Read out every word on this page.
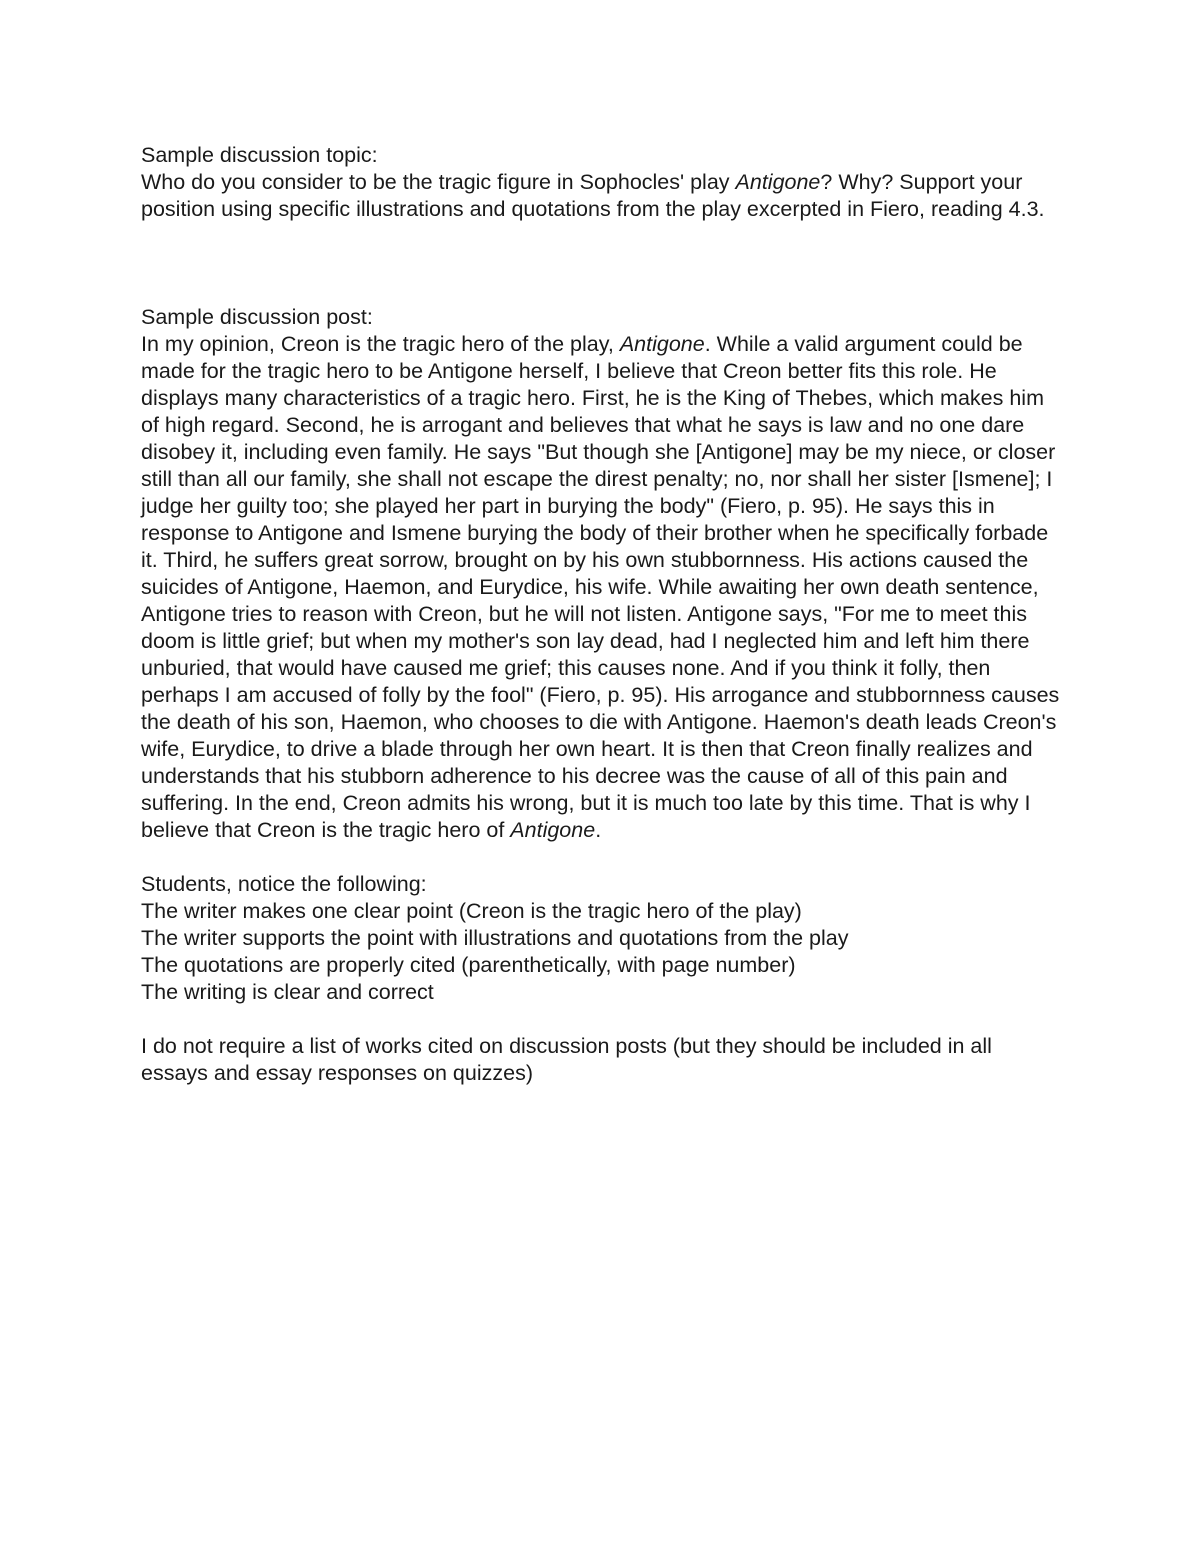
Sample discussion topic:

Who do you consider to be the tragic figure in Sophocles' play Antigone? Why? Support your position using specific illustrations and quotations from the play excerpted in Fiero, reading 4.3.

Sample discussion post:

In my opinion, Creon is the tragic hero of the play, Antigone. While a valid argument could be made for the tragic hero to be Antigone herself, I believe that Creon better fits this role. He displays many characteristics of a tragic hero. First, he is the King of Thebes, which makes him of high regard. Second, he is arrogant and believes that what he says is law and no one dare disobey it, including even family. He says "But though she [Antigone] may be my niece, or closer still than all our family, she shall not escape the direst penalty; no, nor shall her sister [Ismene]; I judge her guilty too; she played her part in burying the body" (Fiero, p. 95). He says this in response to Antigone and Ismene burying the body of their brother when he specifically forbade it. Third, he suffers great sorrow, brought on by his own stubbornness. His actions caused the suicides of Antigone, Haemon, and Eurydice, his wife. While awaiting her own death sentence, Antigone tries to reason with Creon, but he will not listen. Antigone says, "For me to meet this doom is little grief; but when my mother's son lay dead, had I neglected him and left him there unburied, that would have caused me grief; this causes none. And if you think it folly, then perhaps I am accused of folly by the fool" (Fiero, p. 95). His arrogance and stubbornness causes the death of his son, Haemon, who chooses to die with Antigone. Haemon's death leads Creon's wife, Eurydice, to drive a blade through her own heart. It is then that Creon finally realizes and understands that his stubborn adherence to his decree was the cause of all of this pain and suffering. In the end, Creon admits his wrong, but it is much too late by this time. That is why I believe that Creon is the tragic hero of Antigone.

Students, notice the following:

The writer makes one clear point (Creon is the tragic hero of the play)

The writer supports the point with illustrations and quotations from the play

The quotations are properly cited (parenthetically, with page number)

The writing is clear and correct

I do not require a list of works cited on discussion posts (but they should be included in all essays and essay responses on quizzes)
